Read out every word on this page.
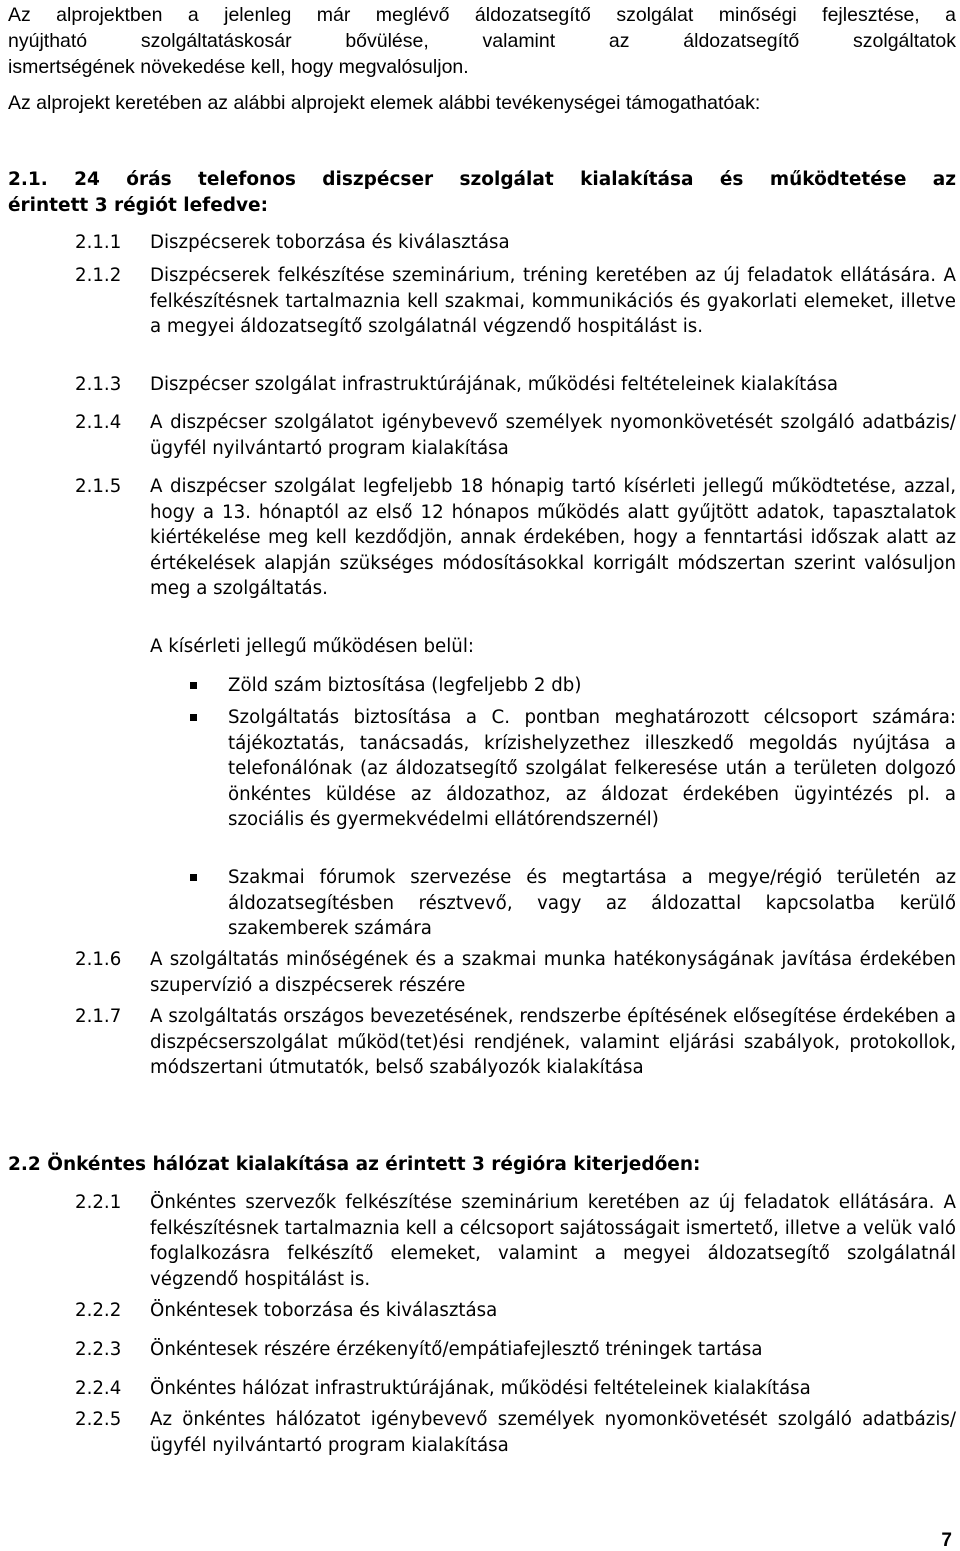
Az alprojektben a jelenleg már meglévő áldozatsegítő szolgálat minőségi fejlesztése, a
nyújtható szolgáltatáskosár bővülése, valamint az áldozatsegítő szolgáltatok
ismertségének növekedése kell, hogy megvalósuljon.
Az alprojekt keretében az alábbi alprojekt elemek alábbi tevékenységei támogathatóak:
2.1. 24 órás telefonos diszpécser szolgálat kialakítása és működtetése az
érintett 3 régiót lefedve:
2.1.1	Diszpécserek toborzása és kiválasztása
2.1.2	Diszpécserek felkészítése szeminárium, tréning keretében az új feladatok ellátására. A felkészítésnek tartalmaznia kell szakmai, kommunikációs és gyakorlati elemeket, illetve a megyei áldozatsegítő szolgálatnál végzendő hospitálást is.
2.1.3	Diszpécser szolgálat infrastruktúrájának, működési feltételeinek kialakítása
2.1.4	A diszpécser szolgálatot igénybevevő személyek nyomonkövetését szolgáló adatbázis/ügyfél nyilvántartó program kialakítása
2.1.5	A diszpécser szolgálat legfeljebb 18 hónapig tartó kísérleti jellegű működtetése, azzal, hogy a 13. hónaptól az első 12 hónapos működés alatt gyűjtött adatok, tapasztalatok kiértékelése meg kell kezdődjön, annak érdekében, hogy a fenntartási időszak alatt az értékelések alapján szükséges módosításokkal korrigált módszertan szerint valósuljon meg a szolgáltatás.
A kísérleti jellegű működésen belül:
Zöld szám biztosítása (legfeljebb 2 db)
Szolgáltatás biztosítása a C. pontban meghatározott célcsoport számára: tájékoztatás, tanácsadás, krízishelyzethez illeszkedő megoldás nyújtása a telefonálónak (az áldozatsegítő szolgálat felkeresése után a területen dolgozó önkéntes küldése az áldozathoz, az áldozat érdekében ügyintézés pl. a szociális és gyermekvédelmi ellátórendszernél)
Szakmai fórumok szervezése és megtartása a megye/régió területén az áldozatsegítésben résztvevő, vagy az áldozattal kapcsolatba kerülő szakemberek számára
2.1.6	A szolgáltatás minőségének és a szakmai munka hatékonyságának javítása érdekében szupervízió a diszpécserek részére
2.1.7	A szolgáltatás országos bevezetésének, rendszerbe építésének elősegítése érdekében a diszpécserszolgálat működ(tet)ési rendjének, valamint eljárási szabályok, protokollok, módszertani útmutatók, belső szabályozók kialakítása
2.2 Önkéntes hálózat kialakítása az érintett 3 régióra kiterjedően:
2.2.1	Önkéntes szervezők felkészítése szeminárium keretében az új feladatok ellátására. A felkészítésnek tartalmaznia kell a célcsoport sajátosságait ismertető, illetve a velük való foglalkozásra felkészítő elemeket, valamint a megyei áldozatsegítő szolgálatnál végzendő hospitálást is.
2.2.2	Önkéntesek toborzása és kiválasztása
2.2.3	Önkéntesek részére érzékenyítő/empátiafejlesztő tréningek tartása
2.2.4	Önkéntes hálózat infrastruktúrájának, működési feltételeinek kialakítása
2.2.5	Az önkéntes hálózatot igénybevevő személyek nyomonkövetését szolgáló adatbázis/ügyfél nyilvántartó program kialakítása
7
